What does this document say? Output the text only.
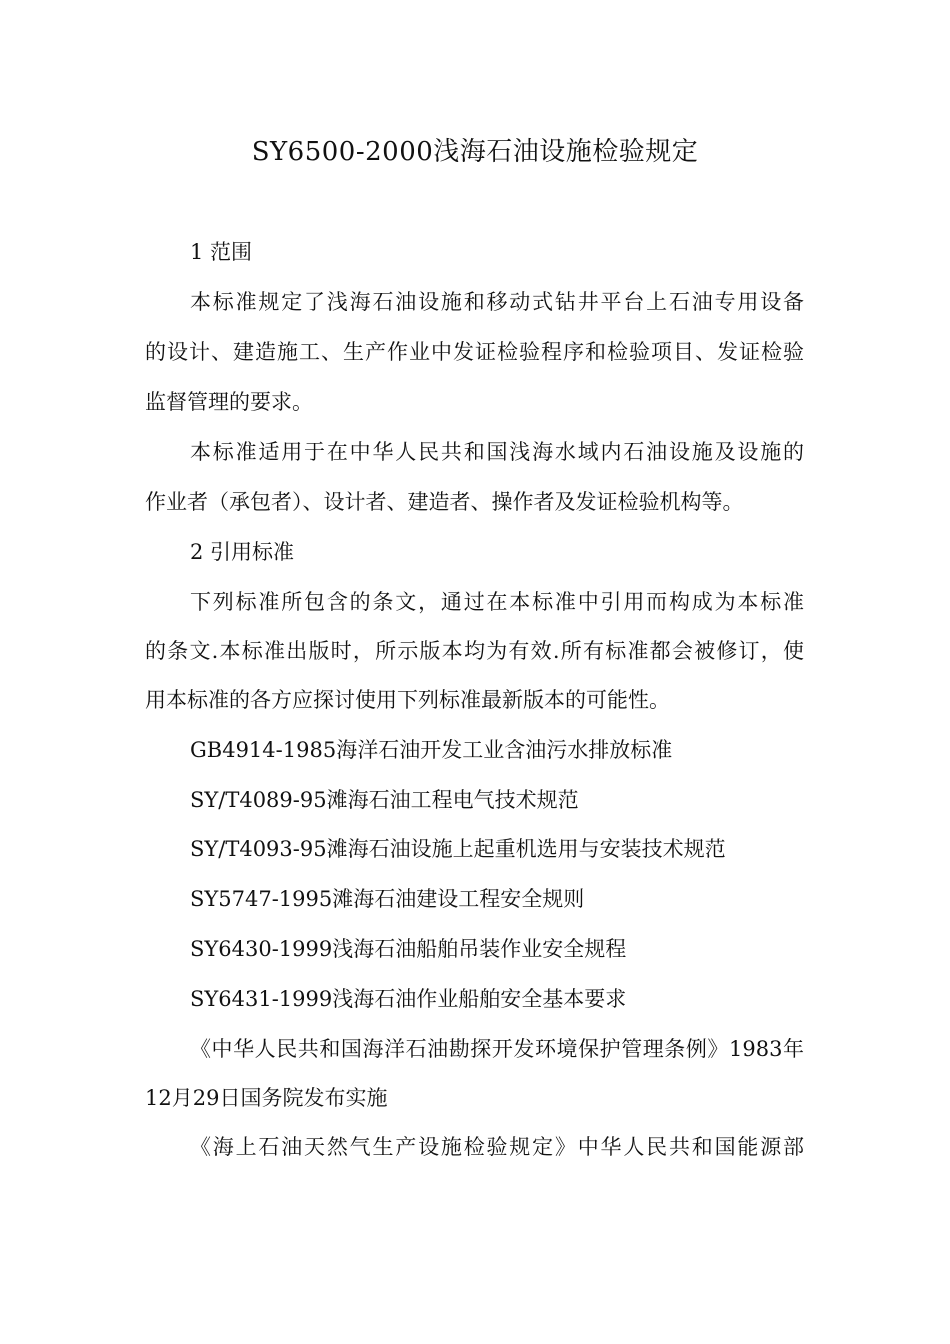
SY6500-2000浅海石油设施检验规定
1 范围
本标准规定了浅海石油设施和移动式钻井平台上石油专用设备
的设计、建造施工、生产作业中发证检验程序和检验项目、发证检验
监督管理的要求。
本标准适用于在中华人民共和国浅海水域内石油设施及设施的
作业者（承包者）、设计者、建造者、操作者及发证检验机构等。
2 引用标准
下列标准所包含的条文，通过在本标准中引用而构成为本标准
的条文.本标准出版时，所示版本均为有效.所有标准都会被修订，使
用本标准的各方应探讨使用下列标准最新版本的可能性。
GB4914-1985海洋石油开发工业含油污水排放标准
SY/T4089-95滩海石油工程电气技术规范
SY/T4093-95滩海石油设施上起重机选用与安装技术规范
SY5747-1995滩海石油建设工程安全规则
SY6430-1999浅海石油船舶吊装作业安全规程
SY6431-1999浅海石油作业船舶安全基本要求
《中华人民共和国海洋石油勘探开发环境保护管理条例》1983年
12月29日国务院发布实施
《海上石油天然气生产设施检验规定》中华人民共和国能源部
